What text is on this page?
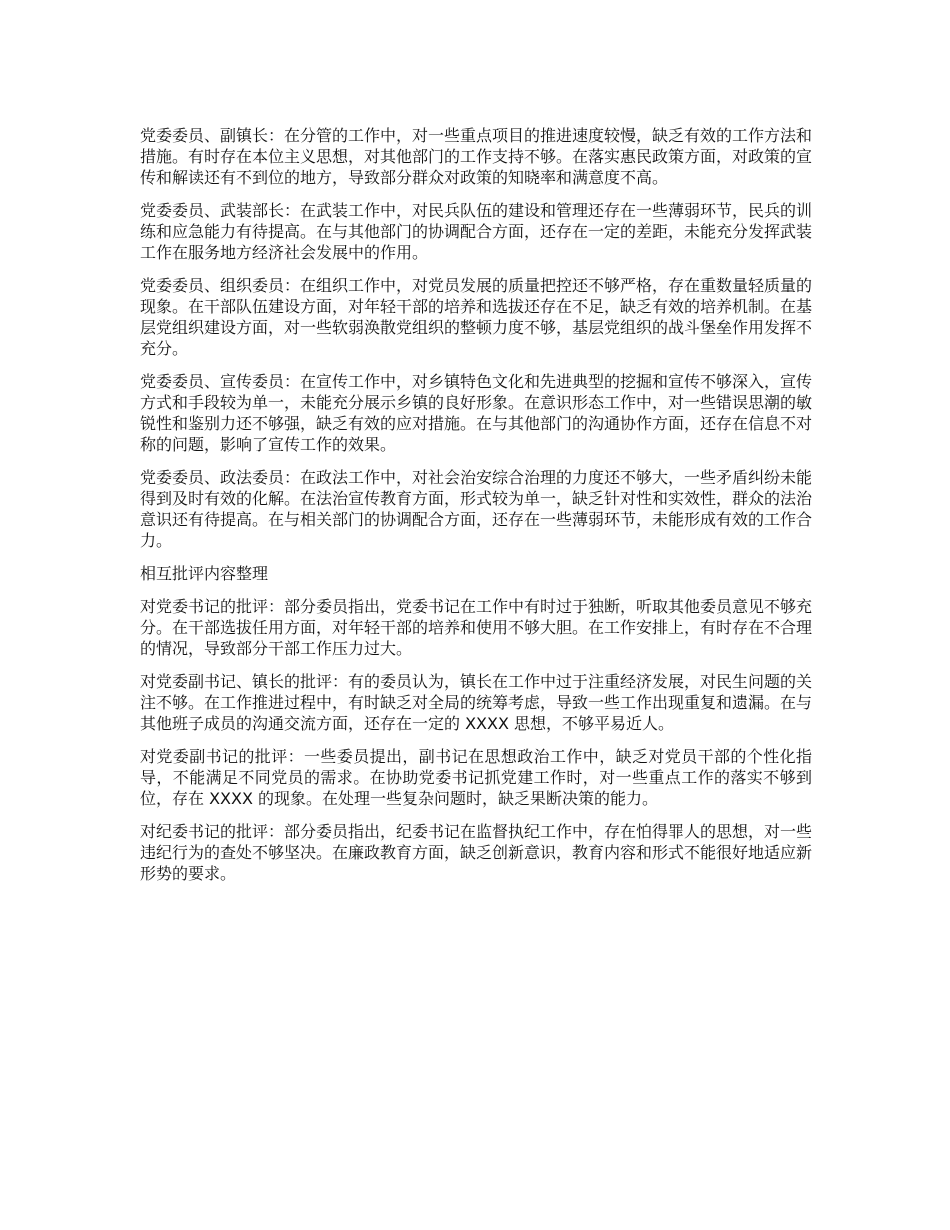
党委委员、副镇长：在分管的工作中，对一些重点项目的推进速度较慢，缺乏有效的工作方法和措施。有时存在本位主义思想，对其他部门的工作支持不够。在落实惠民政策方面，对政策的宣传和解读还有不到位的地方，导致部分群众对政策的知晓率和满意度不高。

党委委员、武装部长：在武装工作中，对民兵队伍的建设和管理还存在一些薄弱环节，民兵的训练和应急能力有待提高。在与其他部门的协调配合方面，还存在一定的差距，未能充分发挥武装工作在服务地方经济社会发展中的作用。

党委委员、组织委员：在组织工作中，对党员发展的质量把控还不够严格，存在重数量轻质量的现象。在干部队伍建设方面，对年轻干部的培养和选拔还存在不足，缺乏有效的培养机制。在基层党组织建设方面，对一些软弱涣散党组织的整顿力度不够，基层党组织的战斗堡垒作用发挥不充分。

党委委员、宣传委员：在宣传工作中，对乡镇特色文化和先进典型的挖掘和宣传不够深入，宣传方式和手段较为单一，未能充分展示乡镇的良好形象。在意识形态工作中，对一些错误思潮的敏锐性和鉴别力还不够强，缺乏有效的应对措施。在与其他部门的沟通协作方面，还存在信息不对称的问题，影响了宣传工作的效果。

党委委员、政法委员：在政法工作中，对社会治安综合治理的力度还不够大，一些矛盾纠纷未能得到及时有效的化解。在法治宣传教育方面，形式较为单一，缺乏针对性和实效性，群众的法治意识还有待提高。在与相关部门的协调配合方面，还存在一些薄弱环节，未能形成有效的工作合力。

相互批评内容整理

对党委书记的批评：部分委员指出，党委书记在工作中有时过于独断，听取其他委员意见不够充分。在干部选拔任用方面，对年轻干部的培养和使用不够大胆。在工作安排上，有时存在不合理的情况，导致部分干部工作压力过大。

对党委副书记、镇长的批评：有的委员认为，镇长在工作中过于注重经济发展，对民生问题的关注不够。在工作推进过程中，有时缺乏对全局的统筹考虑，导致一些工作出现重复和遗漏。在与其他班子成员的沟通交流方面，还存在一定的 XXXX 思想，不够平易近人。

对党委副书记的批评：一些委员提出，副书记在思想政治工作中，缺乏对党员干部的个性化指导，不能满足不同党员的需求。在协助党委书记抓党建工作时，对一些重点工作的落实不够到位，存在 XXXX 的现象。在处理一些复杂问题时，缺乏果断决策的能力。

对纪委书记的批评：部分委员指出，纪委书记在监督执纪工作中，存在怕得罪人的思想，对一些违纪行为的查处不够坚决。在廉政教育方面，缺乏创新意识，教育内容和形式不能很好地适应新形势的要求。
